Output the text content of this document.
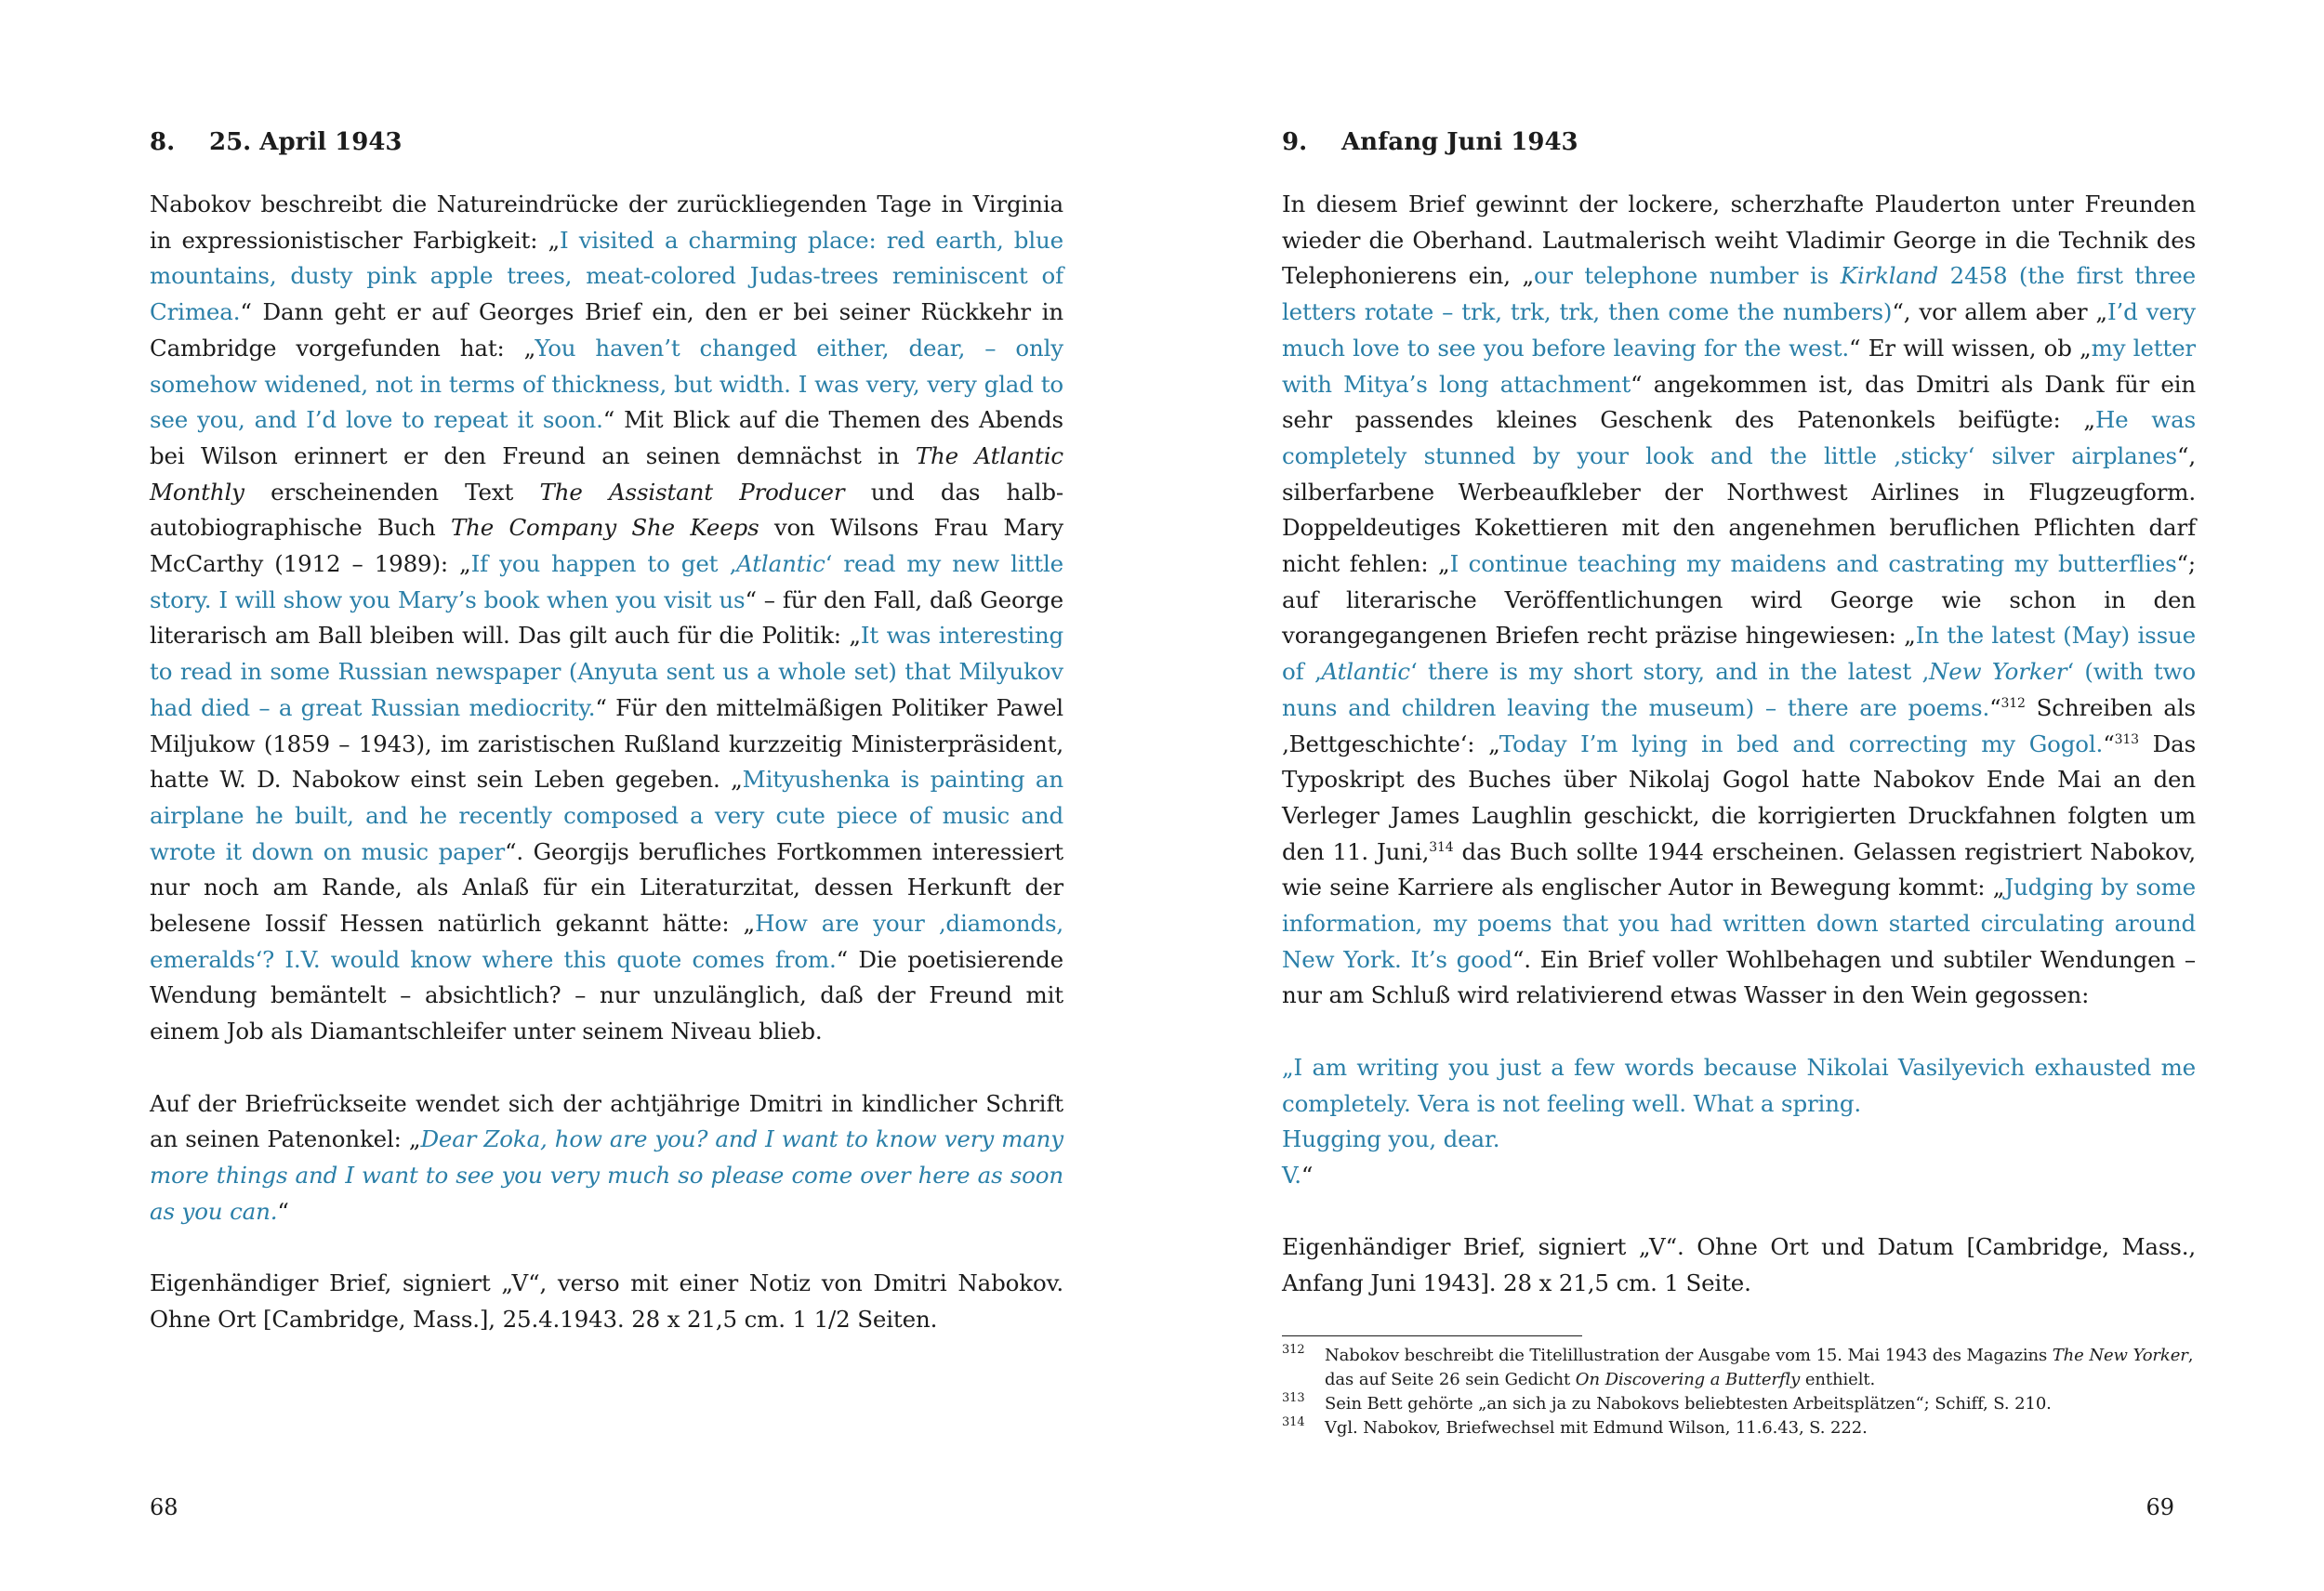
8. 25. April 1943

Nabokov beschreibt die Natureindrücke der zurückliegenden Tage in Virginia in expressionistischer Farbigkeit: „I visited a charming place: red earth, blue mountains, dusty pink apple trees, meat-colored Judas-trees reminiscent of Crimea.“ Dann geht er auf Georges Brief ein, den er bei seiner Rückkehr in Cambridge vorgefunden hat: „You haven’t changed either, dear, – only somehow widened, not in terms of thickness, but width. I was very, very glad to see you, and I’d love to repeat it soon.“ Mit Blick auf die Themen des Abends bei Wilson erinnert er den Freund an seinen demnächst in The Atlantic Monthly erscheinenden Text The Assistant Producer und das halb-autobiographische Buch The Company She Keeps von Wilsons Frau Mary McCarthy (1912 – 1989): „If you happen to get ‚Atlantic‘ read my new little story. I will show you Mary’s book when you visit us“ – für den Fall, daß George literarisch am Ball bleiben will. Das gilt auch für die Politik: „It was interesting to read in some Russian newspaper (Anyuta sent us a whole set) that Milyukov had died – a great Russian mediocrity.“ Für den mittelmäßigen Politiker Pawel Miljukow (1859 – 1943), im zaristischen Rußland kurzzeitig Ministerpräsident, hatte W. D. Nabokow einst sein Leben gegeben. „Mityushenka is painting an airplane he built, and he recently composed a very cute piece of music and wrote it down on music paper“. Georgijs berufliches Fortkommen interessiert nur noch am Rande, als Anlaß für ein Literaturzitat, dessen Herkunft der belesene Iossif Hessen natürlich gekannt hätte: „How are your ‚diamonds, emeralds‘? I.V. would know where this quote comes from.“ Die poetisierende Wendung bemäntelt – absichtlich? – nur unzulänglich, daß der Freund mit einem Job als Diamantschleifer unter seinem Niveau blieb.

Auf der Briefrückseite wendet sich der achtjährige Dmitri in kindlicher Schrift an seinen Patenonkel: „Dear Zoka, how are you? and I want to know very many more things and I want to see you very much so please come over here as soon as you can.“

Eigenhändiger Brief, signiert „V“, verso mit einer Notiz von Dmitri Nabokov. Ohne Ort [Cambridge, Mass.], 25.4.1943. 28 x 21,5 cm. 1 1/2 Seiten.

68
9. Anfang Juni 1943

In diesem Brief gewinnt der lockere, scherzhafte Plauderton unter Freunden wieder die Oberhand. Lautmalerisch weiht Vladimir George in die Technik des Telephonierens ein, „our telephone number is Kirkland 2458 (the first three letters rotate – trk, trk, trk, then come the numbers)“, vor allem aber „I’d very much love to see you before leaving for the west.“ Er will wissen, ob „my letter with Mitya’s long attachment“ angekommen ist, das Dmitri als Dank für ein sehr passendes kleines Geschenk des Patenonkels beifügte: „He was completely stunned by your look and the little ‚sticky‘ silver airplanes“, silberfarbene Werbeaufkleber der Northwest Airlines in Flugzeugform. Doppeldeutiges Kokettieren mit den angenehmen beruflichen Pflichten darf nicht fehlen: „I continue teaching my maidens and castrating my butterflies“; auf literarische Veröffentlichungen wird George wie schon in den vorangegangenen Briefen recht präzise hingewiesen: „In the latest (May) issue of ‚Atlantic‘ there is my short story, and in the latest ‚New Yorker‘ (with two nuns and children leaving the museum) – there are poems.“$^{312}$ Schreiben als ‚Bettgeschichte‘: „Today I’m lying in bed and correcting my Gogol.“$^{313}$ Das Typoskript des Buches über Nikolaj Gogol hatte Nabokov Ende Mai an den Verleger James Laughlin geschickt, die korrigierten Druckfahnen folgten um den 11. Juni,$^{314}$ das Buch sollte 1944 erscheinen. Gelassen registriert Nabokov, wie seine Karriere als englischer Autor in Bewegung kommt: „Judging by some information, my poems that you had written down started circulating around New York. It’s good“. Ein Brief voller Wohlbehagen und subtiler Wendungen – nur am Schluß wird relativierend etwas Wasser in den Wein gegossen:

„I am writing you just a few words because Nikolai Vasilyevich exhausted me completely. Vera is not feeling well. What a spring.
Hugging you, dear.
V.“

Eigenhändiger Brief, signiert „V“. Ohne Ort und Datum [Cambridge, Mass., Anfang Juni 1943]. 28 x 21,5 cm. 1 Seite.

312 Nabokov beschreibt die Titelillustration der Ausgabe vom 15. Mai 1943 des Magazins The New Yorker, das auf Seite 26 sein Gedicht On Discovering a Butterfly enthielt.
313 Sein Bett gehörte „an sich ja zu Nabokovs beliebtesten Arbeitsplätzen“; Schiff, S. 210.
314 Vgl. Nabokov, Briefwechsel mit Edmund Wilson, 11.6.43, S. 222.
69
